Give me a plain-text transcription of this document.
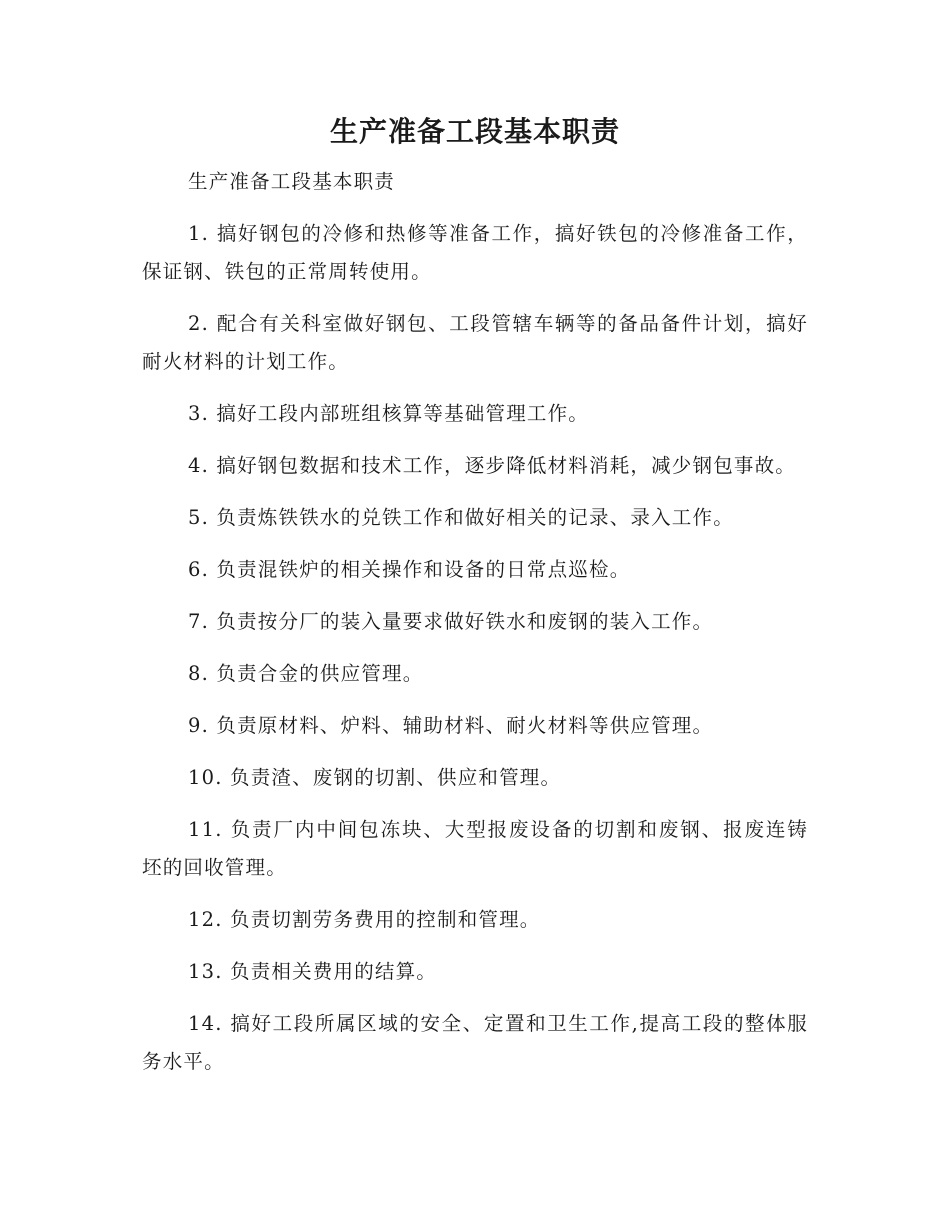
生产准备工段基本职责

生产准备工段基本职责

1. 搞好钢包的冷修和热修等准备工作，搞好铁包的冷修准备工作，保证钢、铁包的正常周转使用。

2. 配合有关科室做好钢包、工段管辖车辆等的备品备件计划，搞好耐火材料的计划工作。

3. 搞好工段内部班组核算等基础管理工作。

4. 搞好钢包数据和技术工作，逐步降低材料消耗，减少钢包事故。

5. 负责炼铁铁水的兑铁工作和做好相关的记录、录入工作。

6. 负责混铁炉的相关操作和设备的日常点巡检。

7. 负责按分厂的装入量要求做好铁水和废钢的装入工作。

8. 负责合金的供应管理。

9. 负责原材料、炉料、辅助材料、耐火材料等供应管理。

10. 负责渣、废钢的切割、供应和管理。

11. 负责厂内中间包冻块、大型报废设备的切割和废钢、报废连铸坯的回收管理。

12. 负责切割劳务费用的控制和管理。

13. 负责相关费用的结算。

14. 搞好工段所属区域的安全、定置和卫生工作,提高工段的整体服务水平。
